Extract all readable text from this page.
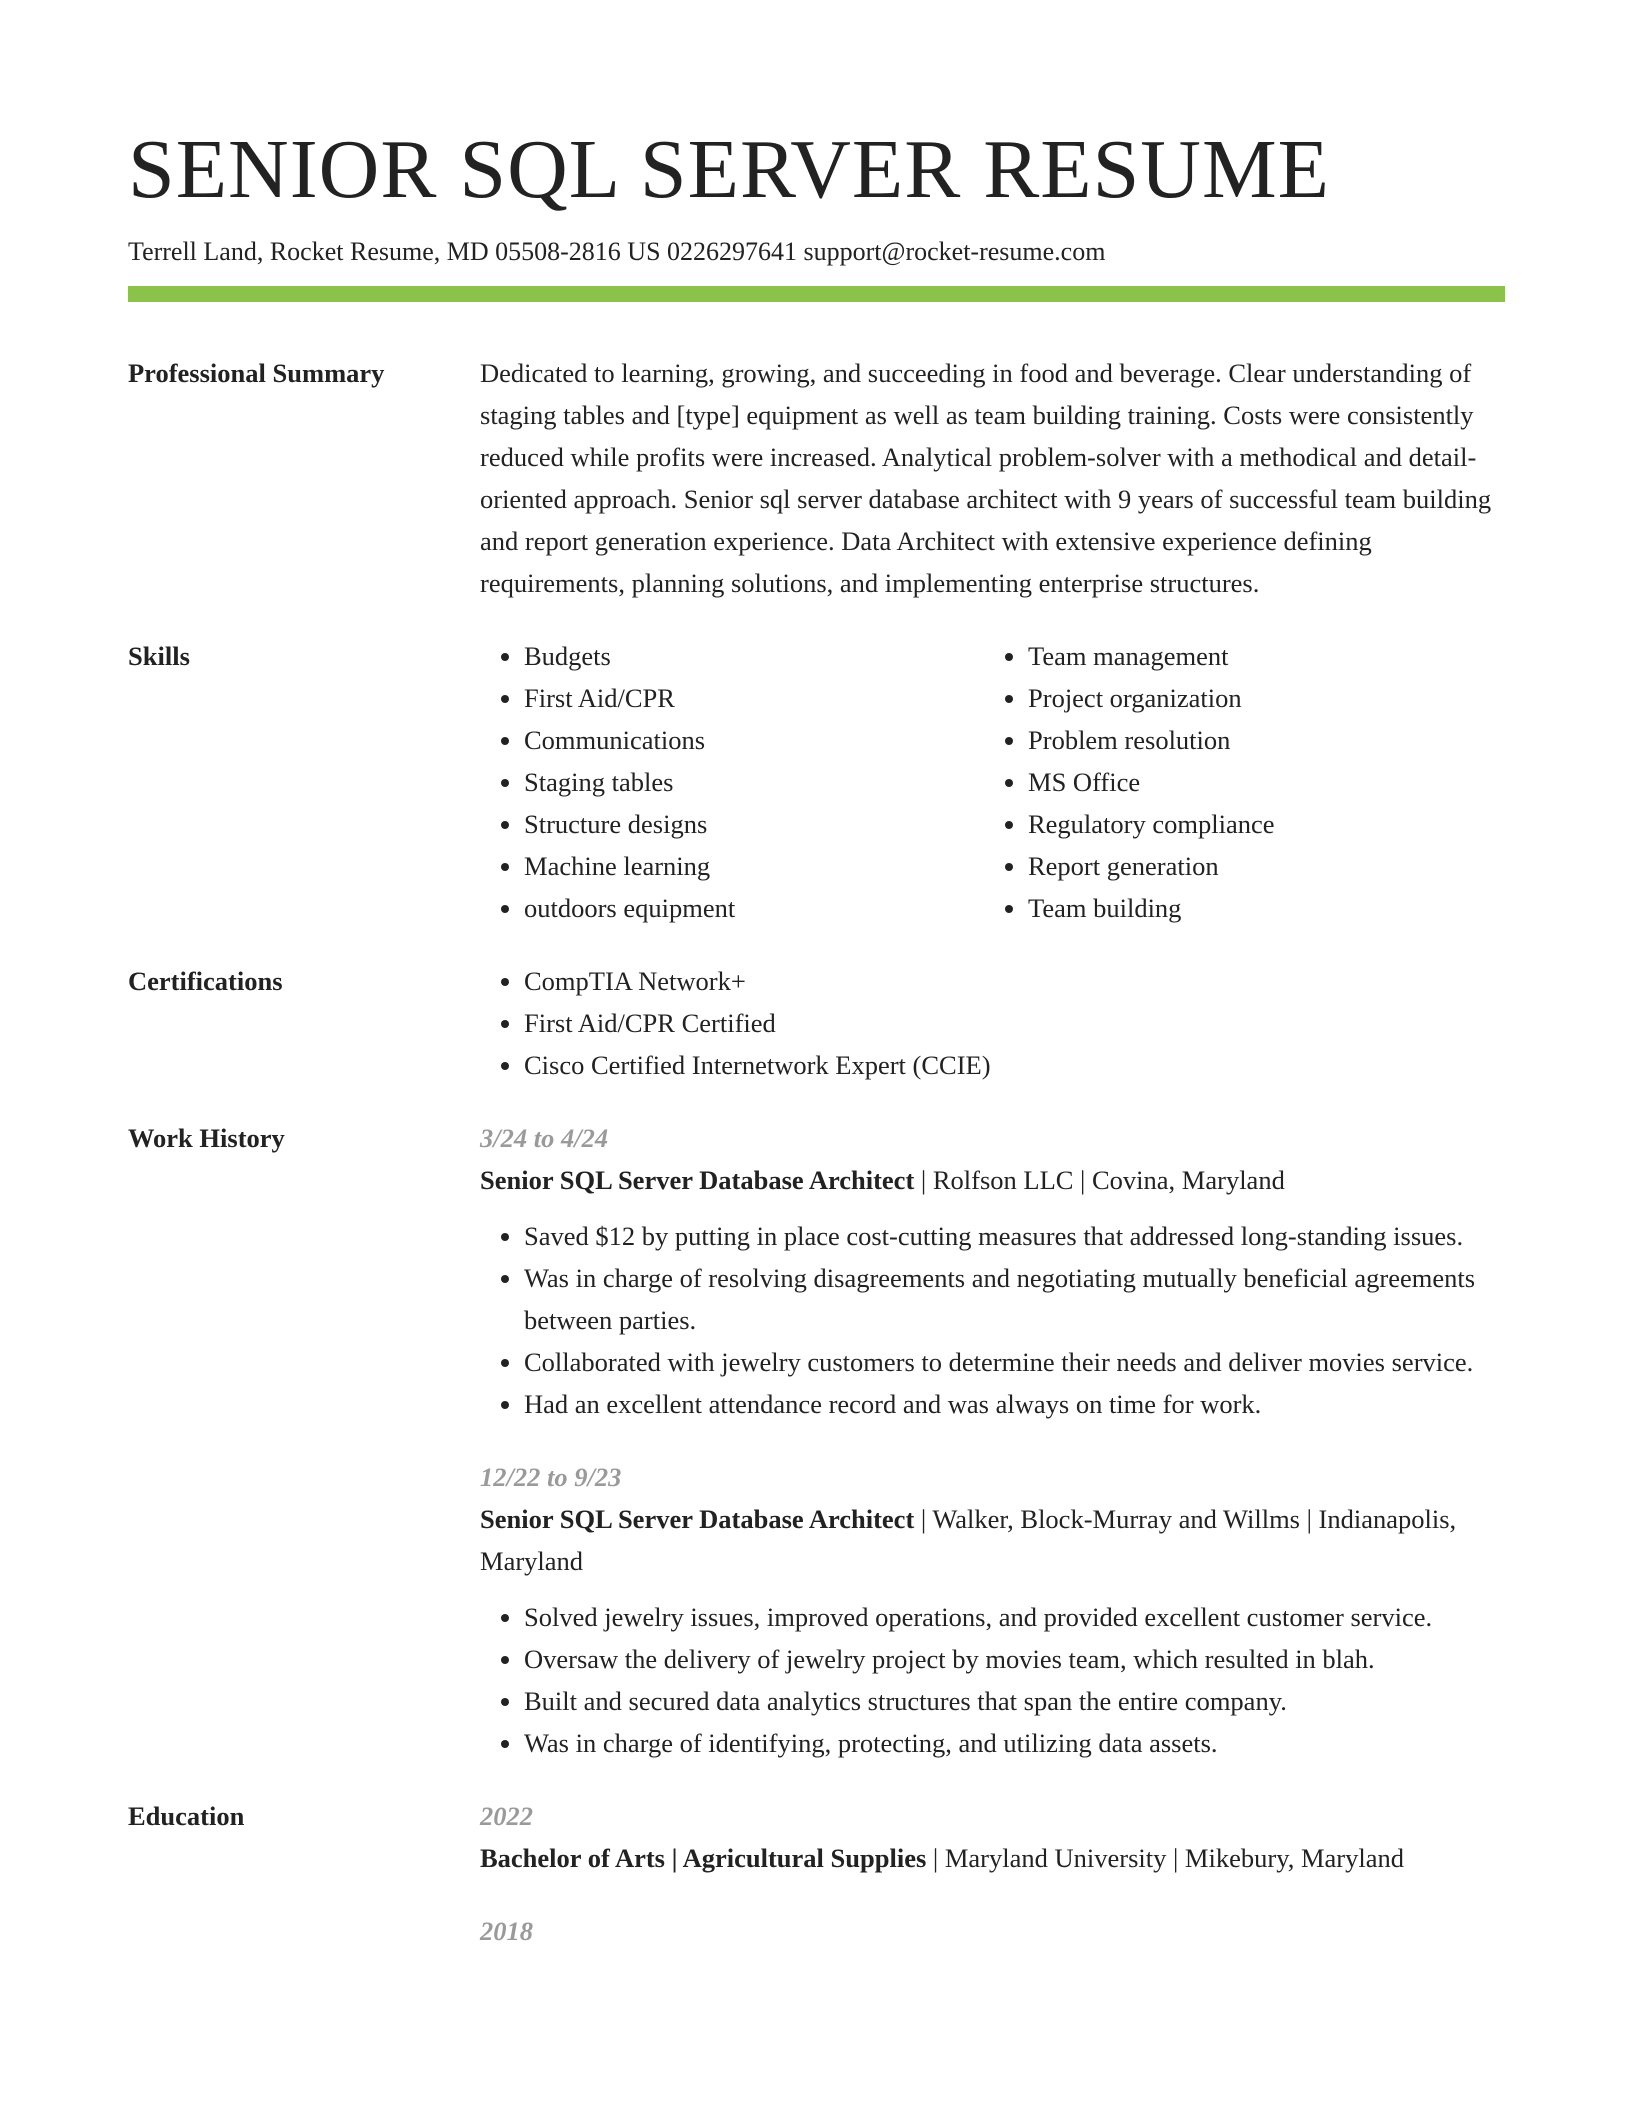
SENIOR SQL SERVER RESUME
Terrell Land, Rocket Resume, MD 05508-2816 US 0226297641 support@rocket-resume.com
Professional Summary	Dedicated to learning, growing, and succeeding in food and beverage. Clear understanding of staging tables and [type] equipment as well as team building training. Costs were consistently reduced while profits were increased. Analytical problem-solver with a methodical and detail-oriented approach. Senior sql server database architect with 9 years of successful team building and report generation experience. Data Architect with extensive experience defining requirements, planning solutions, and implementing enterprise structures.
Skills	• Budgets
• First Aid/CPR
• Communications
• Staging tables
• Structure designs
• Machine learning
• outdoors equipment
• Team management
• Project organization
• Problem resolution
• MS Office
• Regulatory compliance
• Report generation
• Team building
Certifications	• CompTIA Network+
• First Aid/CPR Certified
• Cisco Certified Internetwork Expert (CCIE)
Work History	3/24 to 4/24
Senior SQL Server Database Architect | Rolfson LLC | Covina, Maryland
• Saved $12 by putting in place cost-cutting measures that addressed long-standing issues.
• Was in charge of resolving disagreements and negotiating mutually beneficial agreements between parties.
• Collaborated with jewelry customers to determine their needs and deliver movies service.
• Had an excellent attendance record and was always on time for work.
12/22 to 9/23
Senior SQL Server Database Architect | Walker, Block-Murray and Willms | Indianapolis, Maryland
• Solved jewelry issues, improved operations, and provided excellent customer service.
• Oversaw the delivery of jewelry project by movies team, which resulted in blah.
• Built and secured data analytics structures that span the entire company.
• Was in charge of identifying, protecting, and utilizing data assets.
Education	2022
Bachelor of Arts | Agricultural Supplies | Maryland University | Mikebury, Maryland
2018
